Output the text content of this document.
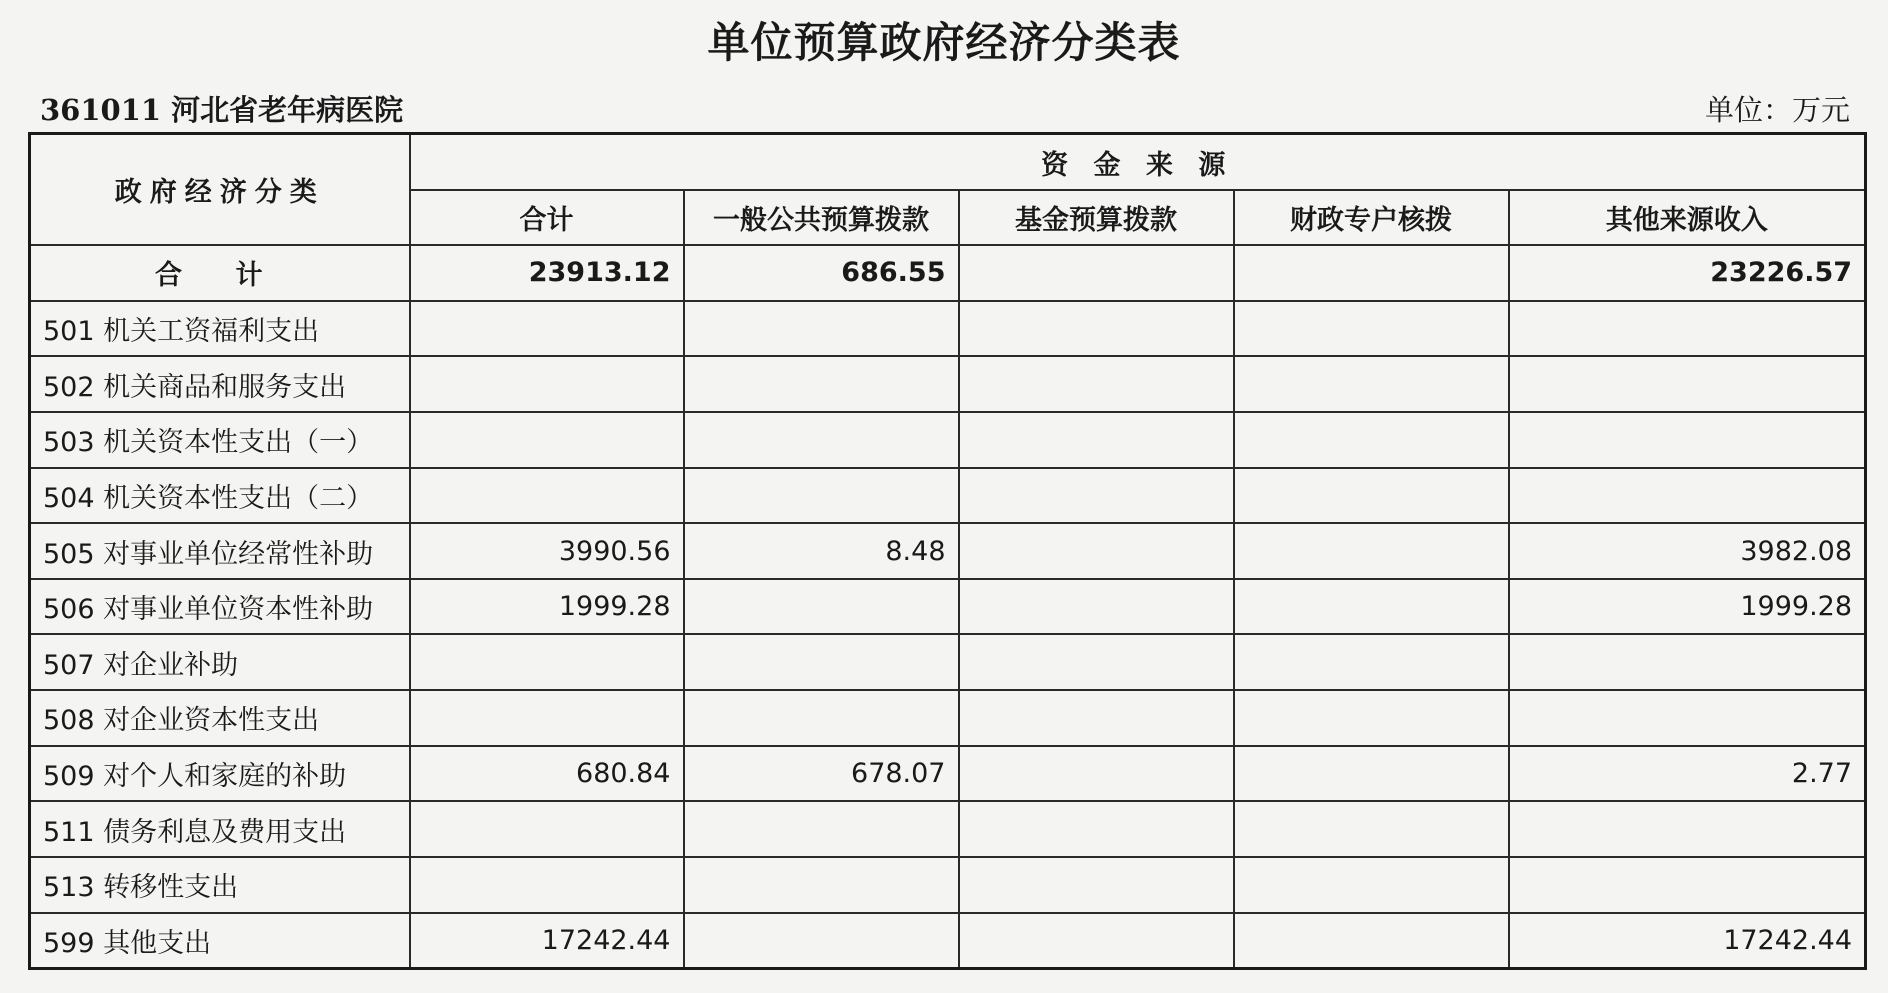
单位预算政府经济分类表
361011 河北省老年病医院	单位：万元
政府经济分类	资 金 来 源				
	合计	一般公共预算拨款	基金预算拨款	财政专户核拨	其他来源收入
合 计	23913.12	686.55			23226.57
501 机关工资福利支出					
502 机关商品和服务支出					
503 机关资本性支出（一）					
504 机关资本性支出（二）					
505 对事业单位经常性补助	3990.56	8.48			3982.08
506 对事业单位资本性补助	1999.28				1999.28
507 对企业补助					
508 对企业资本性支出					
509 对个人和家庭的补助	680.84	678.07			2.77
511 债务利息及费用支出					
513 转移性支出					
599 其他支出	17242.44				17242.44
